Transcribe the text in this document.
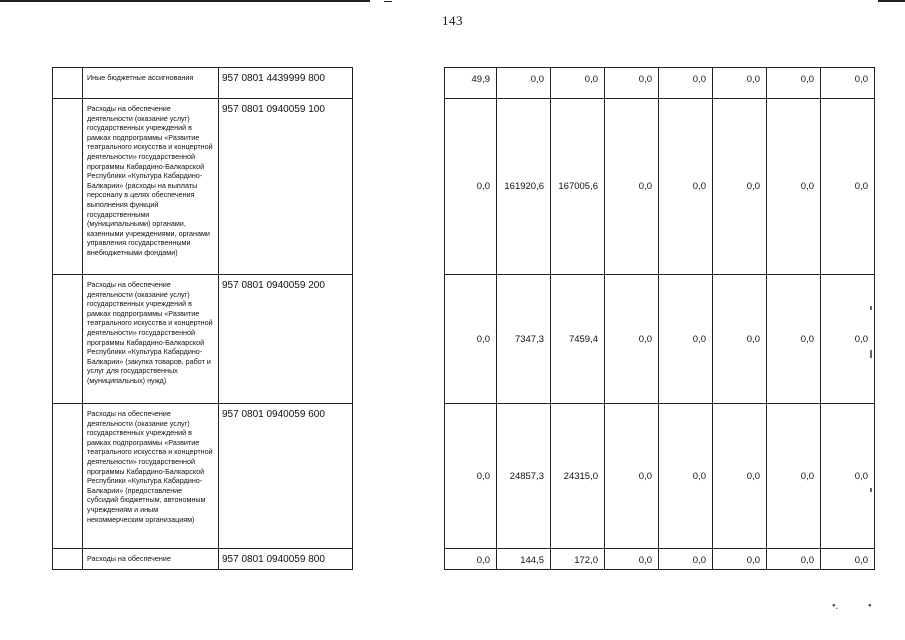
143
	Иные бюджетные ассигнования	957 0801 4439999 800		49,9	0,0	0,0	0,0	0,0	0,0	0,0	0,0
	Расходы на обеспечение деятельности (оказание услуг) государственных учреждений в рамках подпрограммы «Развитие театрального искусства и концертной деятельности» государственной программы Кабардино-Балкарской Республики «Культура Кабардино-Балкарии» (расходы на выплаты персоналу в целях обеспечения выполнения функций государственными (муниципальными) органами, казенными учреждениями, органами управления государственными внебюджетными фондами)	957 0801 0940059 100		0,0	161920,6	167005,6	0,0	0,0	0,0	0,0	0,0
	Расходы на обеспечение деятельности (оказание услуг) государственных учреждений в рамках подпрограммы «Развитие театрального искусства и концертной деятельности» государственной программы Кабардино-Балкарской Республики «Культура Кабардино-Балкарии» (закупка товаров, работ и услуг для государственных (муниципальных) нужд)	957 0801 0940059 200		0,0	7347,3	7459,4	0,0	0,0	0,0	0,0	0,0
	Расходы на обеспечение деятельности (оказание услуг) государственных учреждений в рамках подпрограммы «Развитие театрального искусства и концертной деятельности» государственной программы Кабардино-Балкарской Республики «Культура Кабардино-Балкарии» (предоставление субсидий бюджетным, автономным учреждениям и иным некоммерческим организациям)	957 0801 0940059 600		0,0	24857,3	24315,0	0,0	0,0	0,0	0,0	0,0
	Расходы на обеспечение	957 0801 0940059 800		0,0	144,5	172,0	0,0	0,0	0,0	0,0	0,0
•.	•
